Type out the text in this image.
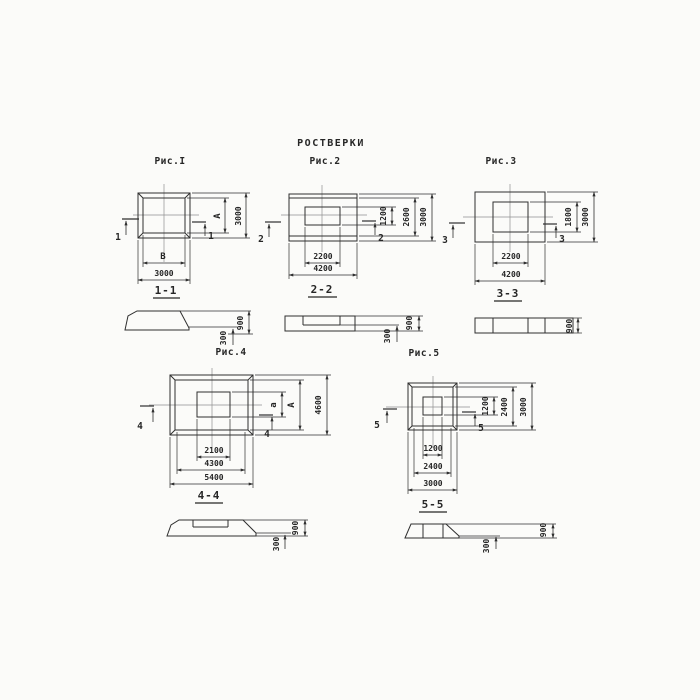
РОСТВЕРКИ
Рис.I
В
3000
А 3000
1	1
1-1
900
300
Рис.2
2200
4200
1200 2600 3000
2	2
2-2
900
300
Рис.3
2200
4200
1800 3000
3	3
3-3
900
Рис.4
2100
4300
5400
а А 4600
4
4
4-4
900
300
Рис.5
1200
2400
3000
1200 2400 3000
5	5
5-5
900
300
